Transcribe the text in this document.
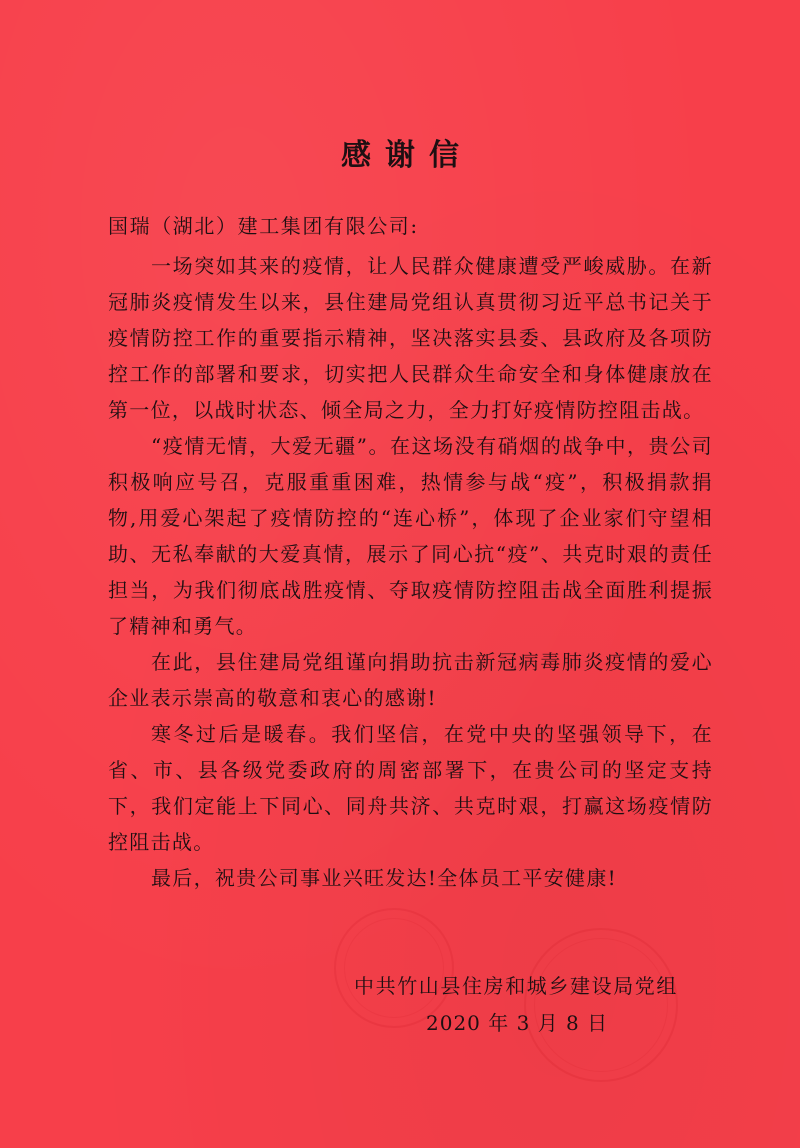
感谢信
国瑞（湖北）建工集团有限公司:

一场突如其来的疫情，让人民群众健康遭受严峻威胁。在新冠肺炎疫情发生以来，县住建局党组认真贯彻习近平总书记关于疫情防控工作的重要指示精神，坚决落实县委、县政府及各项防控工作的部署和要求，切实把人民群众生命安全和身体健康放在第一位，以战时状态、倾全局之力，全力打好疫情防控阻击战。

“疫情无情，大爱无疆”。在这场没有硝烟的战争中，贵公司积极响应号召，克服重重困难，热情参与战“疫”，积极捐款捐物,用爱心架起了疫情防控的“连心桥”，体现了企业家们守望相助、无私奉献的大爱真情，展示了同心抗“疫”、共克时艰的责任担当，为我们彻底战胜疫情、夺取疫情防控阻击战全面胜利提振了精神和勇气。

在此，县住建局党组谨向捐助抗击新冠病毒肺炎疫情的爱心企业表示崇高的敬意和衷心的感谢!

寒冬过后是暖春。我们坚信，在党中央的坚强领导下，在省、市、县各级党委政府的周密部署下，在贵公司的坚定支持下，我们定能上下同心、同舟共济、共克时艰，打赢这场疫情防控阻击战。

最后，祝贵公司事业兴旺发达!全体员工平安健康!

中共竹山县住房和城乡建设局党组
2020 年 3 月 8 日
